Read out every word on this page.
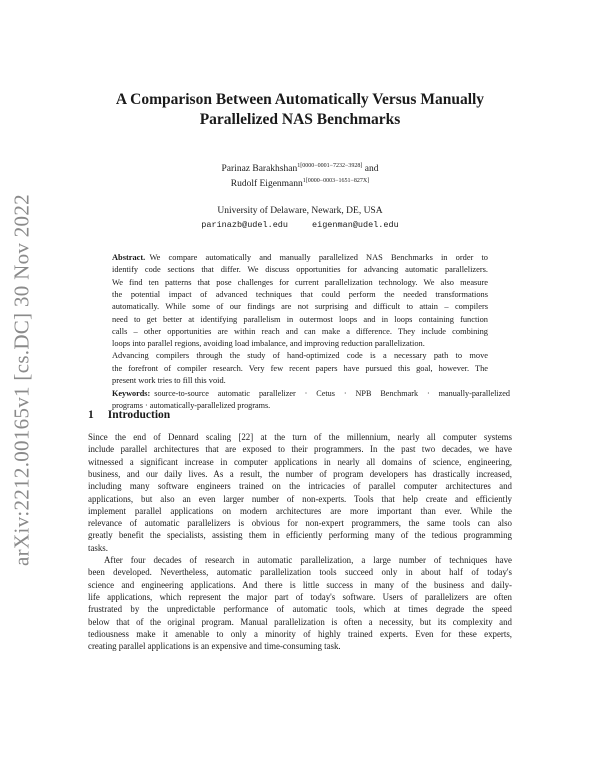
arXiv:2212.00165v1 [cs.DC] 30 Nov 2022
A Comparison Between Automatically Versus Manually
Parallelized NAS Benchmarks
Parinaz Barakhshan$^{1[0000-0001-7232-3928]}$ and
Rudolf Eigenmann$^{1[0000-0003-1651-827X]}$
University of Delaware, Newark, DE, USA
parinazb@udel.edu	eigenman@udel.edu
Abstract.  We compare automatically and manually parallelized NAS Benchmarks in order to
identify code sections that differ. We discuss opportunities for advancing automatic parallelizers.
We find ten patterns that pose challenges for current parallelization technology. We also measure
the potential impact of advanced techniques that could perform the needed transformations
automatically. While some of our findings are not surprising and difficult to attain – compilers
need to get better at identifying parallelism in outermost loops and in loops containing function
calls – other opportunities are within reach and can make a difference. They include combining
loops into parallel regions, avoiding load imbalance, and improving reduction parallelization.
Advancing compilers through the study of hand-optimized code is a necessary path to move
the forefront of compiler research. Very few recent papers have pursued this goal, however. The
present work tries to fill this void.
Keywords:  source-to-source automatic parallelizer · Cetus · NPB Benchmark · manually-parallelized
programs · automatically-parallelized programs.
1 Introduction
Since the end of Dennard scaling [22] at the turn of the millennium, nearly all computer systems
include parallel architectures that are exposed to their programmers. In the past two decades, we have
witnessed a significant increase in computer applications in nearly all domains of science, engineering,
business, and our daily lives. As a result, the number of program developers has drastically increased,
including many software engineers trained on the intricacies of parallel computer architectures and
applications, but also an even larger number of non-experts. Tools that help create and efficiently
implement parallel applications on modern architectures are more important than ever. While the
relevance of automatic parallelizers is obvious for non-expert programmers, the same tools can also
greatly benefit the specialists, assisting them in efficiently performing many of the tedious programming
tasks.
After four decades of research in automatic parallelization, a large number of techniques have
been developed. Nevertheless, automatic parallelization tools succeed only in about half of today's
science and engineering applications. And there is little success in many of the business and daily-
life applications, which represent the major part of today's software. Users of parallelizers are often
frustrated by the unpredictable performance of automatic tools, which at times degrade the speed
below that of the original program. Manual parallelization is often a necessity, but its complexity and
tediousness make it amenable to only a minority of highly trained experts. Even for these experts,
creating parallel applications is an expensive and time-consuming task.
